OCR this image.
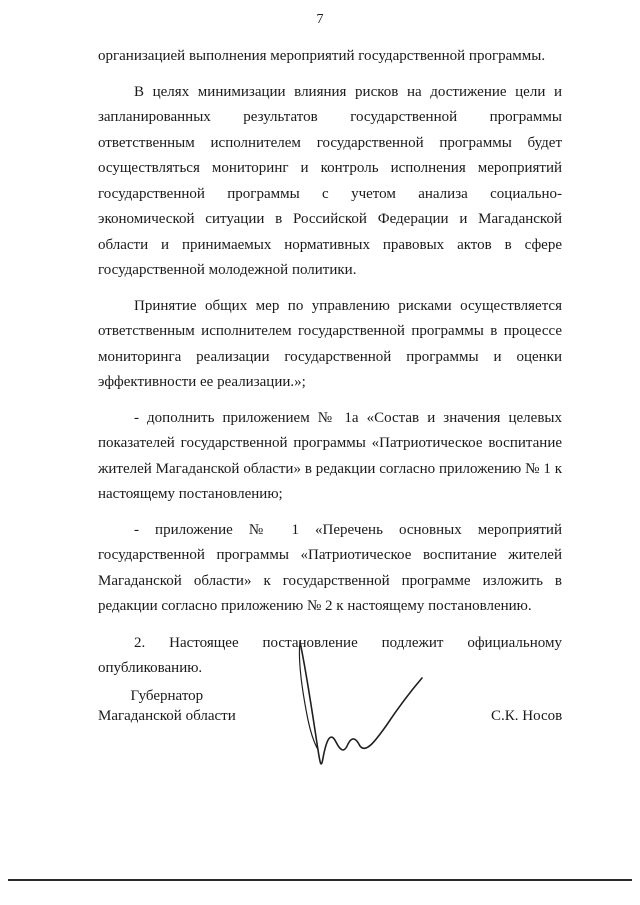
7

организацией выполнения мероприятий государственной программы.

В целях минимизации влияния рисков на достижение цели и запланированных результатов государственной программы ответственным исполнителем государственной программы будет осуществляться мониторинг и контроль исполнения мероприятий государственной программы с учетом анализа социально-экономической ситуации в Российской Федерации и Магаданской области и принимаемых нормативных правовых актов в сфере государственной молодежной политики.

Принятие общих мер по управлению рисками осуществляется ответственным исполнителем государственной программы в процессе мониторинга реализации государственной программы и оценки эффективности ее реализации.»;

- дополнить приложением № 1а «Состав и значения целевых показателей государственной программы «Патриотическое воспитание жителей Магаданской области» в редакции согласно приложению № 1 к настоящему постановлению;

- приложение № 1 «Перечень основных мероприятий государственной программы «Патриотическое воспитание жителей Магаданской области» к государственной программе изложить в редакции согласно приложению № 2 к настоящему постановлению.

2. Настоящее постановление подлежит официальному опубликованию.

Губернатор
Магаданской области	С.К. Носов
